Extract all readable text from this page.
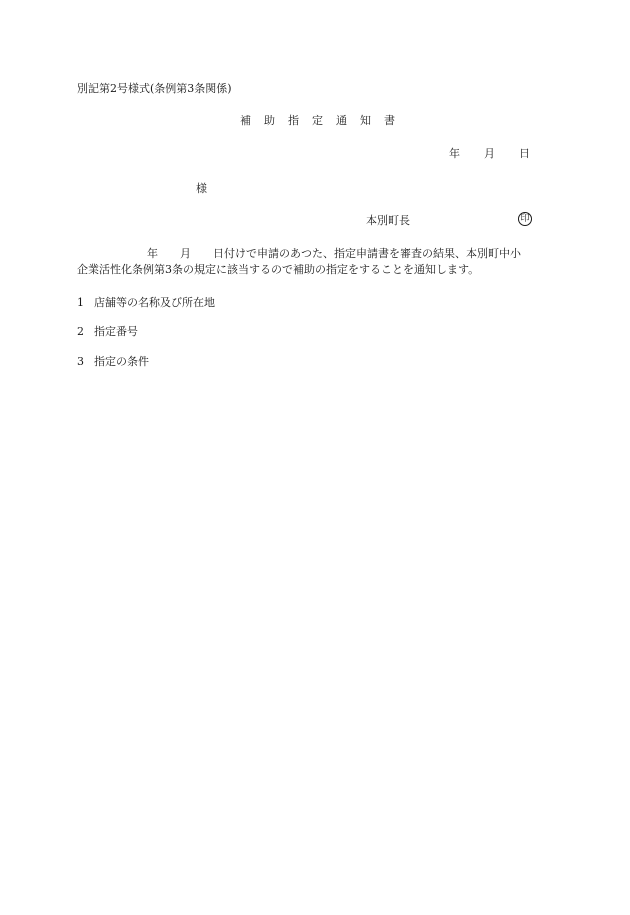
別記第2号様式(条例第3条関係)
補 助 指 定 通 知 書
年 月 日
様
本別町長	印
年 月 日付けで申請のあつた、指定申請書を審査の結果、本別町中小
企業活性化条例第3条の規定に該当するので補助の指定をすることを通知します。
1 店舗等の名称及び所在地
2 指定番号
3 指定の条件
